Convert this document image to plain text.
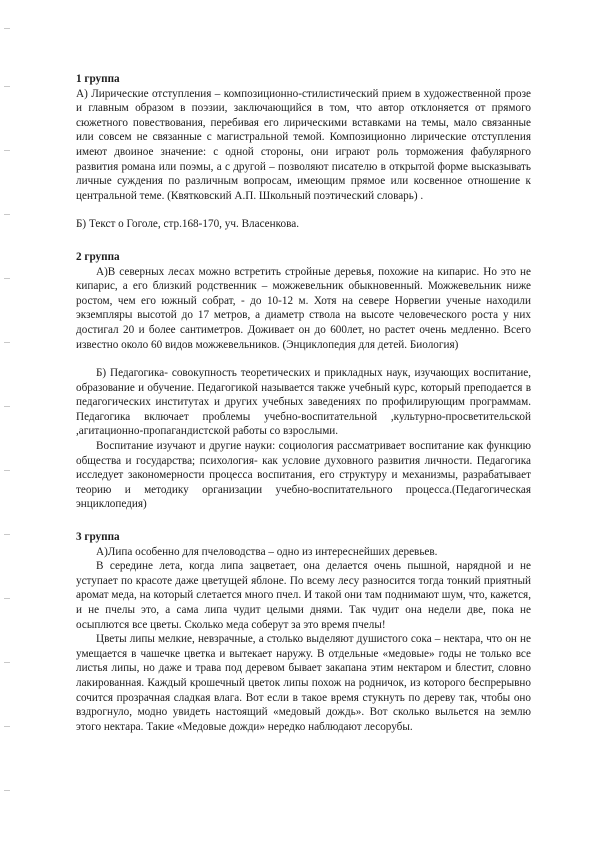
1 группа

А) Лирические отступления – композиционно-стилистический прием в художественной прозе и главным образом в поэзии, заключающийся в том, что автор отклоняется от прямого сюжетного повествования, перебивая его лирическими вставками на темы, мало связанные или совсем не связанные с магистральной темой. Композиционно лирические отступления имеют двоиное значение: с одной стороны, они играют роль торможения фабулярного развития романа или поэмы, а с другой – позволяют писателю в открытой форме высказывать личные суждения по различным вопросам, имеющим прямое или косвенное отношение к центральной теме. (Квятковский А.П. Школьный поэтический словарь) .

Б) Текст о Гоголе, стр.168-170, уч. Власенкова.

2 группа

А)В северных лесах можно встретить стройные деревья, похожие на кипарис. Но это не кипарис, а его близкий родственник – можжевельник обыкновенный. Можжевельник ниже ростом, чем его южный собрат, - до 10-12 м. Хотя на севере Норвегии ученые находили экземпляры высотой до 17 метров, а диаметр ствола на высоте человеческого роста у них достигал 20 и более сантиметров. Доживает он до 600лет, но растет очень медленно. Всего известно около 60 видов можжевельников. (Энциклопедия для детей. Биология)

Б) Педагогика- совокупность теоретических и прикладных наук, изучающих воспитание, образование и обучение. Педагогикой называется также учебный курс, который преподается в педагогических институтах и других учебных заведениях по профилирующим программам. Педагогика включает проблемы учебно-воспитательной ,культурно-просветительской ,агитационно-пропагандистской работы со взрослыми.

Воспитание изучают и другие науки: социология рассматривает воспитание как функцию общества и государства; психология- как условие духовного развития личности. Педагогика исследует закономерности процесса воспитания, его структуру и механизмы, разрабатывает теорию и методику организации учебно-воспитательного процесса.(Педагогическая энциклопедия)

3 группа

А)Липа особенно для пчеловодства – одно из интереснейших деревьев.

В середине лета, когда липа зацветает, она делается очень пышной, нарядной и не уступает по красоте даже цветущей яблоне. По всему лесу разносится тогда тонкий приятный аромат меда, на который слетается много пчел. И такой они там поднимают шум, что, кажется, и не пчелы это, а сама липа чудит целыми днями. Так чудит она недели две, пока не осыплются все цветы. Сколько меда соберут за это время пчелы!

Цветы липы мелкие, невзрачные, а столько выделяют душистого сока – нектара, что он не умещается в чашечке цветка и вытекает наружу. В отдельные «медовые» годы не только все листья липы, но даже и трава под деревом бывает закапана этим нектаром и блестит, словно лакированная. Каждый крошечный цветок липы похож на родничок, из которого беспрерывно сочится прозрачная сладкая влага. Вот если в такое время стукнуть по дереву так, чтобы оно вздрогнуло, модно увидеть настоящий «медовый дождь». Вот сколько выльется на землю этого нектара. Такие «Медовые дожди» нередко наблюдают лесорубы.
